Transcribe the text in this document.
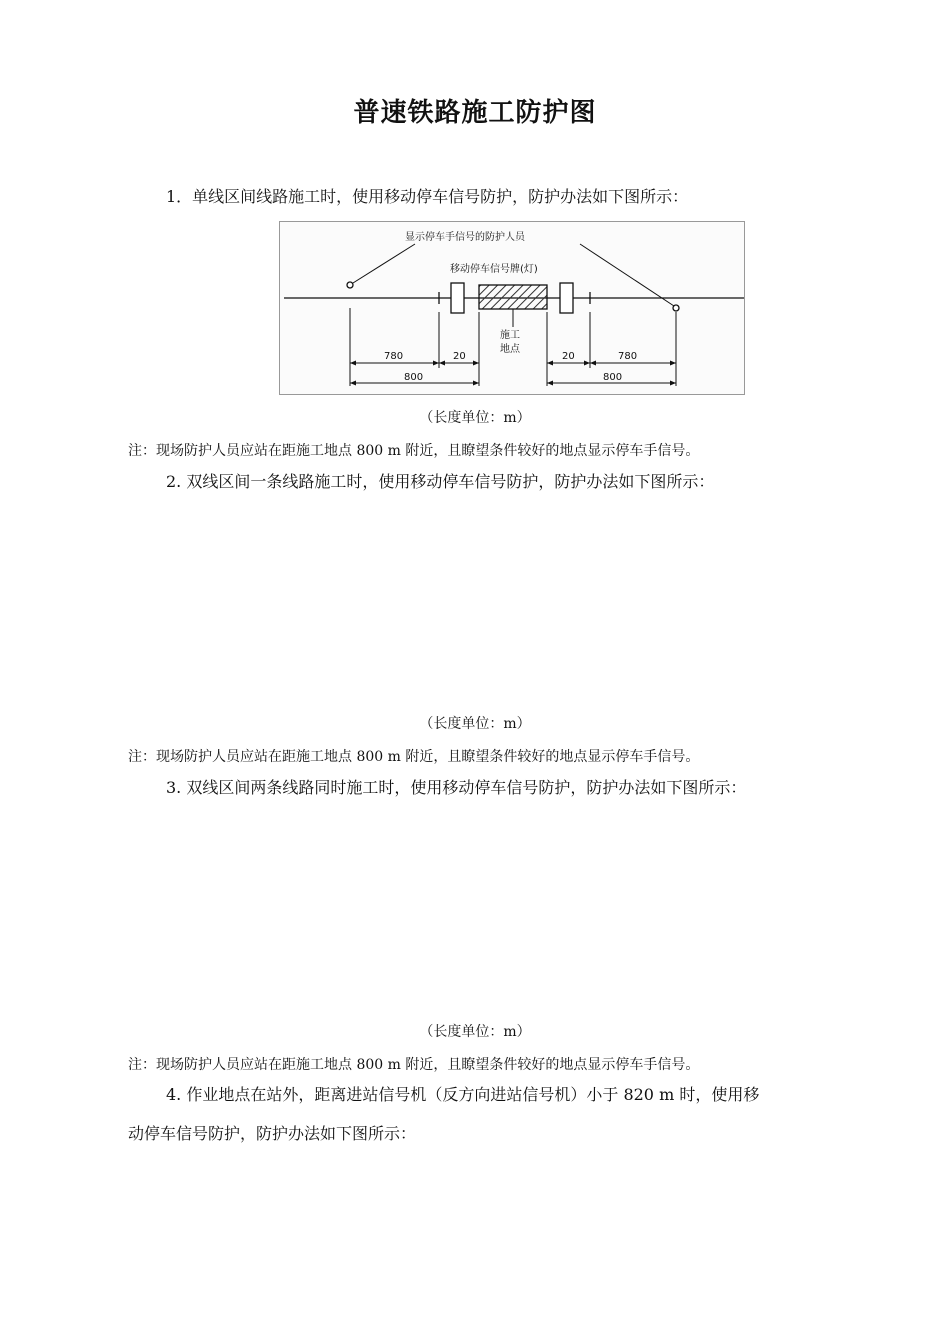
普速铁路施工防护图
1．单线区间线路施工时，使用移动停车信号防护，防护办法如下图所示：
显示停车手信号的防护人员
移动停车信号牌(灯)
施工
地点
780	20
800
20	780
800
（长度单位：m）
注：现场防护人员应站在距施工地点 800 m 附近，且瞭望条件较好的地点显示停车手信号。
2. 双线区间一条线路施工时，使用移动停车信号防护，防护办法如下图所示：
（长度单位：m）
注：现场防护人员应站在距施工地点 800 m 附近，且瞭望条件较好的地点显示停车手信号。
3. 双线区间两条线路同时施工时，使用移动停车信号防护，防护办法如下图所示：
（长度单位：m）
注：现场防护人员应站在距施工地点 800 m 附近，且瞭望条件较好的地点显示停车手信号。
4. 作业地点在站外，距离进站信号机（反方向进站信号机）小于 820 m 时，使用移
动停车信号防护，防护办法如下图所示：
